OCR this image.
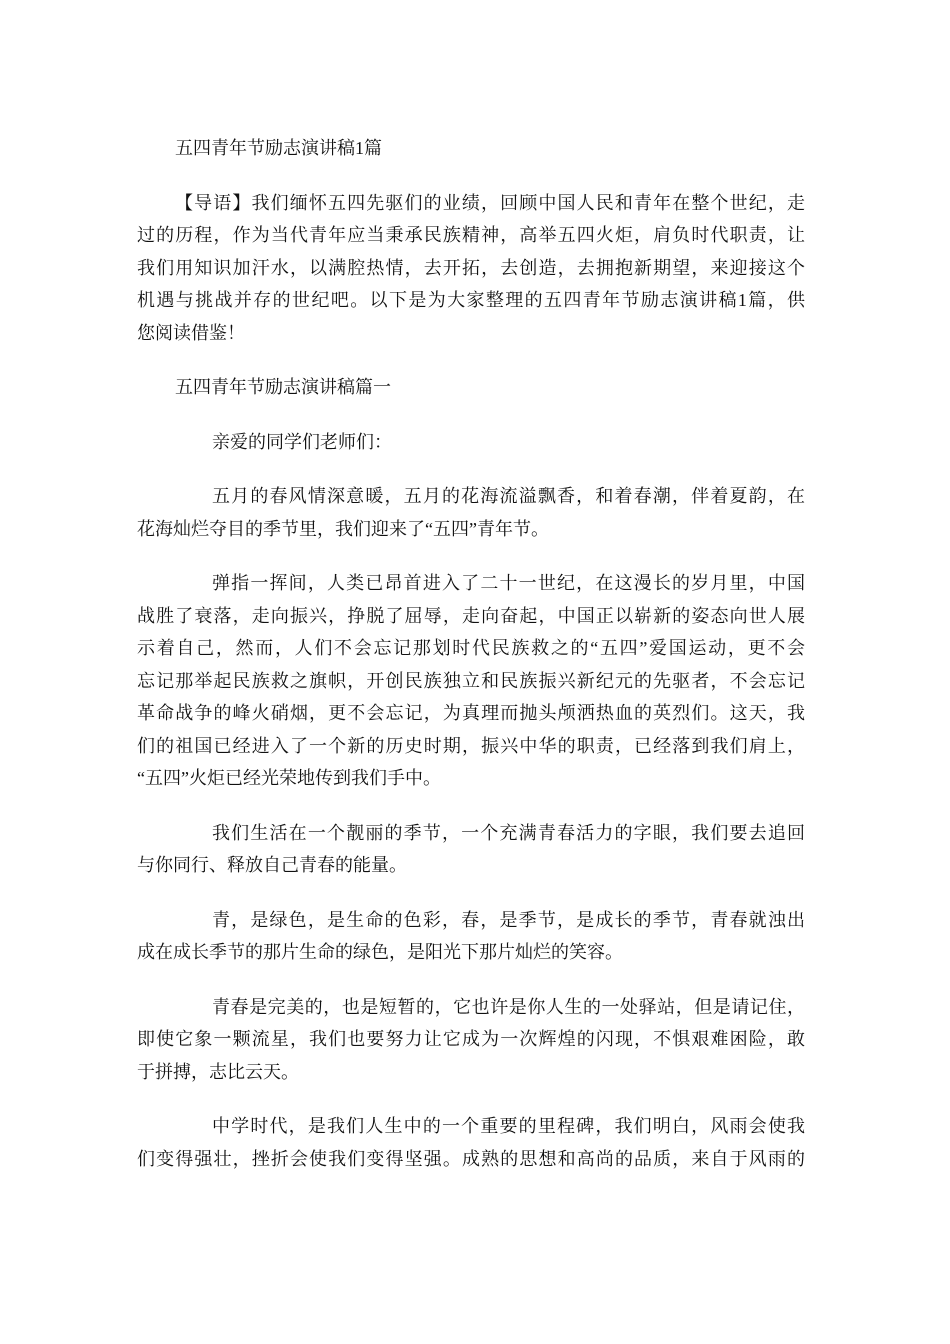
五四青年节励志演讲稿1篇
【导语】我们缅怀五四先驱们的业绩，回顾中国人民和青年在整个世纪，走
过的历程，作为当代青年应当秉承民族精神，高举五四火炬，肩负时代职责，让
我们用知识加汗水，以满腔热情，去开拓，去创造，去拥抱新期望，来迎接这个
机遇与挑战并存的世纪吧。以下是为大家整理的五四青年节励志演讲稿1篇，供
您阅读借鉴！
五四青年节励志演讲稿篇一
亲爱的同学们老师们：
五月的春风情深意暖，五月的花海流溢飘香，和着春潮，伴着夏韵，在
花海灿烂夺目的季节里，我们迎来了“五四”青年节。
弹指一挥间，人类已昂首进入了二十一世纪，在这漫长的岁月里，中国
战胜了衰落，走向振兴，挣脱了屈辱，走向奋起，中国正以崭新的姿态向世人展
示着自己，然而，人们不会忘记那划时代民族救之的“五四”爱国运动，更不会
忘记那举起民族救之旗帜，开创民族独立和民族振兴新纪元的先驱者，不会忘记
革命战争的峰火硝烟，更不会忘记，为真理而抛头颅洒热血的英烈们。这天，我
们的祖国已经进入了一个新的历史时期，振兴中华的职责，已经落到我们肩上，
“五四”火炬已经光荣地传到我们手中。
我们生活在一个靓丽的季节，一个充满青春活力的字眼，我们要去追回
与你同行、释放自己青春的能量。
青，是绿色，是生命的色彩，春，是季节，是成长的季节，青春就浊出
成在成长季节的那片生命的绿色，是阳光下那片灿烂的笑容。
青春是完美的，也是短暂的，它也许是你人生的一处驿站，但是请记住，
即使它象一颗流星，我们也要努力让它成为一次辉煌的闪现，不惧艰难困险，敢
于拼搏，志比云天。
中学时代，是我们人生中的一个重要的里程碑，我们明白，风雨会使我
们变得强壮，挫折会使我们变得坚强。成熟的思想和高尚的品质，来自于风雨的
